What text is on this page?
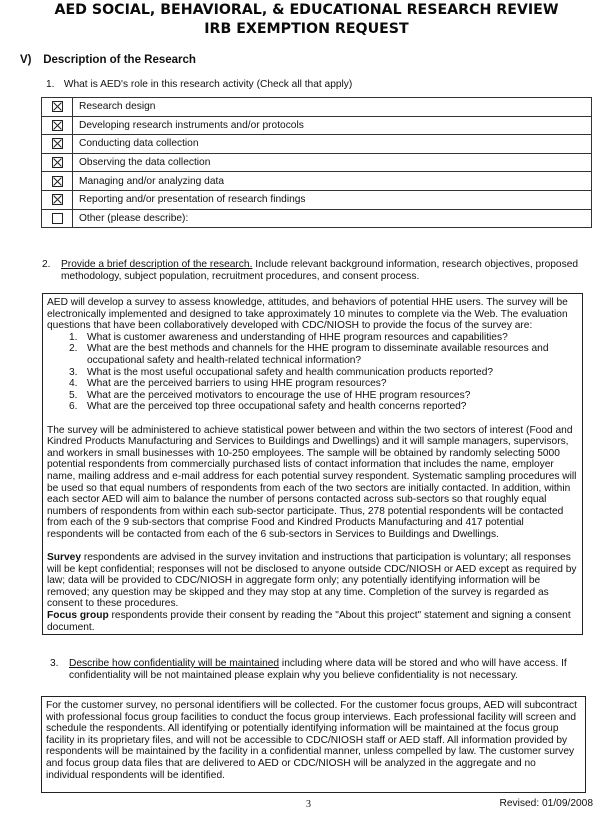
AED SOCIAL, BEHAVIORAL, & EDUCATIONAL RESEARCH REVIEW
IRB EXEMPTION REQUEST
V) Description of the Research
1. What is AED's role in this research activity (Check all that apply)
	Research design
	Developing research instruments and/or protocols
	Conducting data collection
	Observing the data collection
	Managing and/or analyzing data
	Reporting and/or presentation of research findings
	Other (please describe):
2. Provide a brief description of the research. Include relevant background information, research objectives, proposed methodology, subject population, recruitment procedures, and consent process.

AED will develop a survey to assess knowledge, attitudes, and behaviors of potential HHE users. The survey will be electronically implemented and designed to take approximately 10 minutes to complete via the Web. The evaluation questions that have been collaboratively developed with CDC/NIOSH to provide the focus of the survey are:

1. What is customer awareness and understanding of HHE program resources and capabilities?
2. What are the best methods and channels for the HHE program to disseminate available resources and occupational safety and health-related technical information?
3. What is the most useful occupational safety and health communication products reported?
4. What are the perceived barriers to using HHE program resources?
5. What are the perceived motivators to encourage the use of HHE program resources?
6. What are the perceived top three occupational safety and health concerns reported?

The survey will be administered to achieve statistical power between and within the two sectors of interest (Food and Kindred Products Manufacturing and Services to Buildings and Dwellings) and it will sample managers, supervisors, and workers in small businesses with 10-250 employees. The sample will be obtained by randomly selecting 5000 potential respondents from commercially purchased lists of contact information that includes the name, employer name, mailing address and e-mail address for each potential survey respondent. Systematic sampling procedures will be used so that equal numbers of respondents from each of the two sectors are initially contacted. In addition, within each sector AED will aim to balance the number of persons contacted across sub-sectors so that roughly equal numbers of respondents from within each sub-sector participate. Thus, 278 potential respondents will be contacted from each of the 9 sub-sectors that comprise Food and Kindred Products Manufacturing and 417 potential respondents will be contacted from each of the 6 sub-sectors in Services to Buildings and Dwellings.

Survey respondents are advised in the survey invitation and instructions that participation is voluntary; all responses will be kept confidential; responses will not be disclosed to anyone outside CDC/NIOSH or AED except as required by law; data will be provided to CDC/NIOSH in aggregate form only; any potentially identifying information will be removed; any question may be skipped and they may stop at any time. Completion of the survey is regarded as consent to these procedures.

Focus group respondents provide their consent by reading the "About this project" statement and signing a consent document.

3. Describe how confidentiality will be maintained including where data will be stored and who will have access. If confidentiality will be not maintained please explain why you believe confidentiality is not necessary.

For the customer survey, no personal identifiers will be collected. For the customer focus groups, AED will subcontract with professional focus group facilities to conduct the focus group interviews. Each professional facility will screen and schedule the respondents. All identifying or potentially identifying information will be maintained at the focus group facility in its proprietary files, and will not be accessible to CDC/NIOSH staff or AED staff. All information provided by respondents will be maintained by the facility in a confidential manner, unless compelled by law. The customer survey and focus group data files that are delivered to AED or CDC/NIOSH will be analyzed in the aggregate and no individual respondents will be identified.

3	Revised: 01/09/2008
